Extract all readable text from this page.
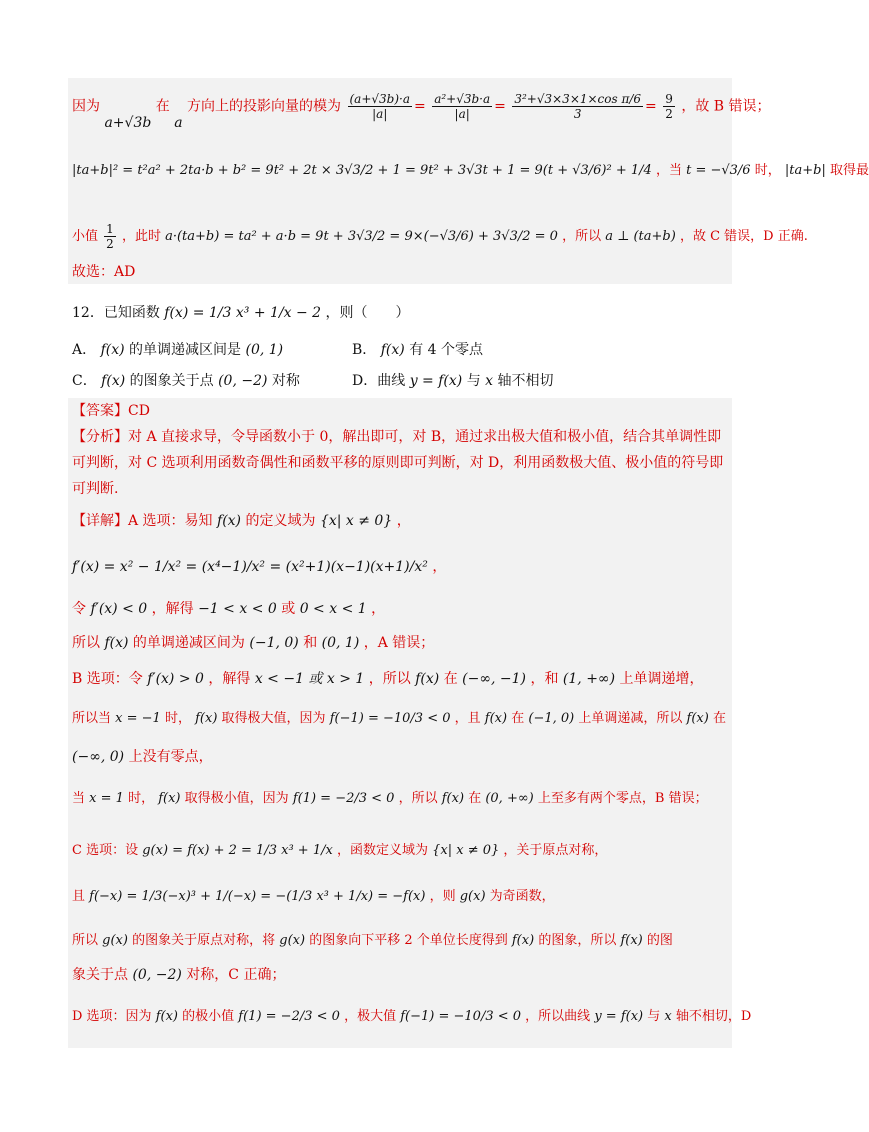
因为 a+√3b 在 a 方向上的投影向量的模为 $\frac{(a+√3b)\cdot a}{|a|} = \frac{\text{a²+√3b·a}}{|a|} = \frac{\text{3²+√3×3×1×cos π/6}}{3} = \frac{9}{2}$ ，故 B 错误；
|ta+b|² = t²a² + 2ta·b + b² = 9t² + 2t × 3√3/2 + 1 = 9t² + 3√3t + 1 = 9(t + √3/6)² + 1/4 ，当 t = −√3/6 时， |ta+b| 取得最
小值 $\frac{1}{2}$ ，此时 a·(ta+b) = ta² + a·b = 9t + 3√3/2 = 9×(−√3/6) + 3√3/2 = 0 ，所以 a ⊥ (ta+b) ，故 C 错误，D 正确.
故选：AD
12．已知函数 f(x) = 1/3 x³ + 1/x − 2 ，则（　　）
A． f(x) 的单调递减区间是 (0, 1)	B． f(x) 有 4 个零点
C． f(x) 的图象关于点 (0, −2) 对称	D．曲线 y = f(x) 与 x 轴不相切
【答案】CD
【分析】对 A 直接求导，令导函数小于 0，解出即可，对 B，通过求出极大值和极小值，结合其单调性即
可判断，对 C 选项利用函数奇偶性和函数平移的原则即可判断，对 D，利用函数极大值、极小值的符号即
可判断.
【详解】A 选项：易知 f(x) 的定义域为 {x| x ≠ 0} ，
f′(x) = x² − 1/x² = (x⁴−1)/x² = (x²+1)(x−1)(x+1)/x² ，
令 f′(x) < 0 ，解得 −1 < x < 0 或 0 < x < 1 ，
所以 f(x) 的单调递减区间为 (−1, 0) 和 (0, 1) ，A 错误；
B 选项：令 f′(x) > 0 ，解得 x < −1 或 x > 1 ，所以 f(x) 在 (−∞, −1) ，和 (1, +∞) 上单调递增，
所以当 x = −1 时， f(x) 取得极大值，因为 f(−1) = −10/3 < 0 ，且 f(x) 在 (−1, 0) 上单调递减，所以 f(x) 在
(−∞, 0) 上没有零点，
当 x = 1 时， f(x) 取得极小值，因为 f(1) = −2/3 < 0 ，所以 f(x) 在 (0, +∞) 上至多有两个零点，B 错误；
C 选项：设 g(x) = f(x) + 2 = 1/3 x³ + 1/x ，函数定义域为 {x| x ≠ 0} ，关于原点对称，
且 f(−x) = 1/3(−x)³ + 1/(−x) = −(1/3 x³ + 1/x) = −f(x) ，则 g(x) 为奇函数，
所以 g(x) 的图象关于原点对称，将 g(x) 的图象向下平移 2 个单位长度得到 f(x) 的图象，所以 f(x) 的图
象关于点 (0, −2) 对称，C 正确；
D 选项：因为 f(x) 的极小值 f(1) = −2/3 < 0 ，极大值 f(−1) = −10/3 < 0 ，所以曲线 y = f(x) 与 x 轴不相切，D
